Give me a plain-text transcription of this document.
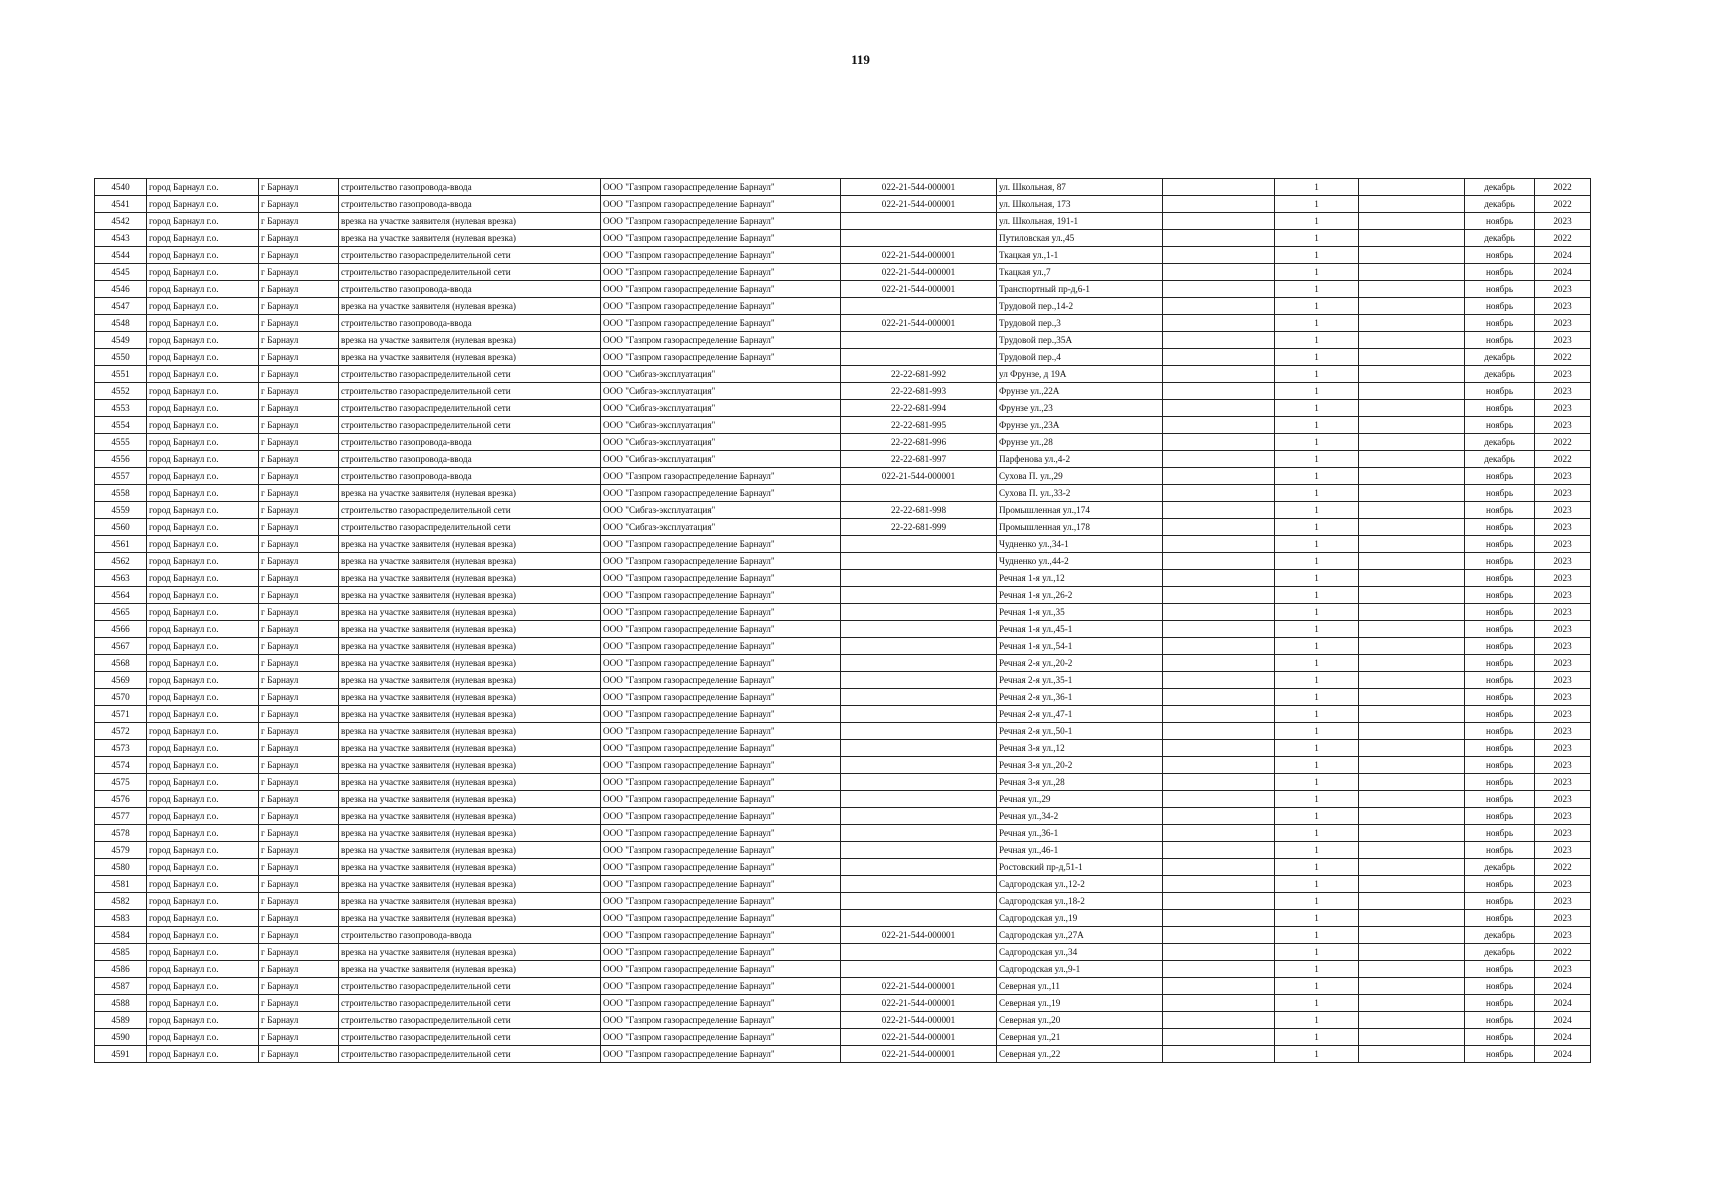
119
4540	город Барнаул г.о.	г Барнаул	строительство газопровода-ввода	ООО "Газпром газораспределение Барнаул"	022-21-544-000001	ул. Школьная, 87		1		декабрь	2022
4541	город Барнаул г.о.	г Барнаул	строительство газопровода-ввода	ООО "Газпром газораспределение Барнаул"	022-21-544-000001	ул. Школьная, 173		1		декабрь	2022
4542	город Барнаул г.о.	г Барнаул	врезка на участке заявителя (нулевая врезка)	ООО "Газпром газораспределение Барнаул"		ул. Школьная, 191-1		1		ноябрь	2023
4543	город Барнаул г.о.	г Барнаул	врезка на участке заявителя (нулевая врезка)	ООО "Газпром газораспределение Барнаул"		Путиловская ул.,45		1		декабрь	2022
4544	город Барнаул г.о.	г Барнаул	строительство газораспределительной сети	ООО "Газпром газораспределение Барнаул"	022-21-544-000001	Ткацкая ул.,1-1		1		ноябрь	2024
4545	город Барнаул г.о.	г Барнаул	строительство газораспределительной сети	ООО "Газпром газораспределение Барнаул"	022-21-544-000001	Ткацкая ул.,7		1		ноябрь	2024
4546	город Барнаул г.о.	г Барнаул	строительство газопровода-ввода	ООО "Газпром газораспределение Барнаул"	022-21-544-000001	Транспортный пр-д,6-1		1		ноябрь	2023
4547	город Барнаул г.о.	г Барнаул	врезка на участке заявителя (нулевая врезка)	ООО "Газпром газораспределение Барнаул"		Трудовой пер.,14-2		1		ноябрь	2023
4548	город Барнаул г.о.	г Барнаул	строительство газопровода-ввода	ООО "Газпром газораспределение Барнаул"	022-21-544-000001	Трудовой пер.,3		1		ноябрь	2023
4549	город Барнаул г.о.	г Барнаул	врезка на участке заявителя (нулевая врезка)	ООО "Газпром газораспределение Барнаул"		Трудовой пер.,35А		1		ноябрь	2023
4550	город Барнаул г.о.	г Барнаул	врезка на участке заявителя (нулевая врезка)	ООО "Газпром газораспределение Барнаул"		Трудовой пер.,4		1		декабрь	2022
4551	город Барнаул г.о.	г Барнаул	строительство газораспределительной сети	ООО "Сибгаз-эксплуатация"	22-22-681-992	ул Фрунзе, д 19А		1		декабрь	2023
4552	город Барнаул г.о.	г Барнаул	строительство газораспределительной сети	ООО "Сибгаз-эксплуатация"	22-22-681-993	Фрунзе ул.,22А		1		ноябрь	2023
4553	город Барнаул г.о.	г Барнаул	строительство газораспределительной сети	ООО "Сибгаз-эксплуатация"	22-22-681-994	Фрунзе ул.,23		1		ноябрь	2023
4554	город Барнаул г.о.	г Барнаул	строительство газораспределительной сети	ООО "Сибгаз-эксплуатация"	22-22-681-995	Фрунзе ул.,23А		1		ноябрь	2023
4555	город Барнаул г.о.	г Барнаул	строительство газопровода-ввода	ООО "Сибгаз-эксплуатация"	22-22-681-996	Фрунзе ул.,28		1		декабрь	2022
4556	город Барнаул г.о.	г Барнаул	строительство газопровода-ввода	ООО "Сибгаз-эксплуатация"	22-22-681-997	Парфенова ул.,4-2		1		декабрь	2022
4557	город Барнаул г.о.	г Барнаул	строительство газопровода-ввода	ООО "Газпром газораспределение Барнаул"	022-21-544-000001	Сухова П. ул.,29		1		ноябрь	2023
4558	город Барнаул г.о.	г Барнаул	врезка на участке заявителя (нулевая врезка)	ООО "Газпром газораспределение Барнаул"		Сухова П. ул.,33-2		1		ноябрь	2023
4559	город Барнаул г.о.	г Барнаул	строительство газораспределительной сети	ООО "Сибгаз-эксплуатация"	22-22-681-998	Промышленная ул.,174		1		ноябрь	2023
4560	город Барнаул г.о.	г Барнаул	строительство газораспределительной сети	ООО "Сибгаз-эксплуатация"	22-22-681-999	Промышленная ул.,178		1		ноябрь	2023
4561	город Барнаул г.о.	г Барнаул	врезка на участке заявителя (нулевая врезка)	ООО "Газпром газораспределение Барнаул"		Чудненко ул.,34-1		1		ноябрь	2023
4562	город Барнаул г.о.	г Барнаул	врезка на участке заявителя (нулевая врезка)	ООО "Газпром газораспределение Барнаул"		Чудненко ул.,44-2		1		ноябрь	2023
4563	город Барнаул г.о.	г Барнаул	врезка на участке заявителя (нулевая врезка)	ООО "Газпром газораспределение Барнаул"		Речная 1-я ул.,12		1		ноябрь	2023
4564	город Барнаул г.о.	г Барнаул	врезка на участке заявителя (нулевая врезка)	ООО "Газпром газораспределение Барнаул"		Речная 1-я ул.,26-2		1		ноябрь	2023
4565	город Барнаул г.о.	г Барнаул	врезка на участке заявителя (нулевая врезка)	ООО "Газпром газораспределение Барнаул"		Речная 1-я ул.,35		1		ноябрь	2023
4566	город Барнаул г.о.	г Барнаул	врезка на участке заявителя (нулевая врезка)	ООО "Газпром газораспределение Барнаул"		Речная 1-я ул.,45-1		1		ноябрь	2023
4567	город Барнаул г.о.	г Барнаул	врезка на участке заявителя (нулевая врезка)	ООО "Газпром газораспределение Барнаул"		Речная 1-я ул.,54-1		1		ноябрь	2023
4568	город Барнаул г.о.	г Барнаул	врезка на участке заявителя (нулевая врезка)	ООО "Газпром газораспределение Барнаул"		Речная 2-я ул.,20-2		1		ноябрь	2023
4569	город Барнаул г.о.	г Барнаул	врезка на участке заявителя (нулевая врезка)	ООО "Газпром газораспределение Барнаул"		Речная 2-я ул.,35-1		1		ноябрь	2023
4570	город Барнаул г.о.	г Барнаул	врезка на участке заявителя (нулевая врезка)	ООО "Газпром газораспределение Барнаул"		Речная 2-я ул.,36-1		1		ноябрь	2023
4571	город Барнаул г.о.	г Барнаул	врезка на участке заявителя (нулевая врезка)	ООО "Газпром газораспределение Барнаул"		Речная 2-я ул.,47-1		1		ноябрь	2023
4572	город Барнаул г.о.	г Барнаул	врезка на участке заявителя (нулевая врезка)	ООО "Газпром газораспределение Барнаул"		Речная 2-я ул.,50-1		1		ноябрь	2023
4573	город Барнаул г.о.	г Барнаул	врезка на участке заявителя (нулевая врезка)	ООО "Газпром газораспределение Барнаул"		Речная 3-я ул.,12		1		ноябрь	2023
4574	город Барнаул г.о.	г Барнаул	врезка на участке заявителя (нулевая врезка)	ООО "Газпром газораспределение Барнаул"		Речная 3-я ул.,20-2		1		ноябрь	2023
4575	город Барнаул г.о.	г Барнаул	врезка на участке заявителя (нулевая врезка)	ООО "Газпром газораспределение Барнаул"		Речная 3-я ул.,28		1		ноябрь	2023
4576	город Барнаул г.о.	г Барнаул	врезка на участке заявителя (нулевая врезка)	ООО "Газпром газораспределение Барнаул"		Речная ул.,29		1		ноябрь	2023
4577	город Барнаул г.о.	г Барнаул	врезка на участке заявителя (нулевая врезка)	ООО "Газпром газораспределение Барнаул"		Речная ул.,34-2		1		ноябрь	2023
4578	город Барнаул г.о.	г Барнаул	врезка на участке заявителя (нулевая врезка)	ООО "Газпром газораспределение Барнаул"		Речная ул.,36-1		1		ноябрь	2023
4579	город Барнаул г.о.	г Барнаул	врезка на участке заявителя (нулевая врезка)	ООО "Газпром газораспределение Барнаул"		Речная ул.,46-1		1		ноябрь	2023
4580	город Барнаул г.о.	г Барнаул	врезка на участке заявителя (нулевая врезка)	ООО "Газпром газораспределение Барнаул"		Ростовский пр-д,51-1		1		декабрь	2022
4581	город Барнаул г.о.	г Барнаул	врезка на участке заявителя (нулевая врезка)	ООО "Газпром газораспределение Барнаул"		Садгородская ул.,12-2		1		ноябрь	2023
4582	город Барнаул г.о.	г Барнаул	врезка на участке заявителя (нулевая врезка)	ООО "Газпром газораспределение Барнаул"		Садгородская ул.,18-2		1		ноябрь	2023
4583	город Барнаул г.о.	г Барнаул	врезка на участке заявителя (нулевая врезка)	ООО "Газпром газораспределение Барнаул"		Садгородская ул.,19		1		ноябрь	2023
4584	город Барнаул г.о.	г Барнаул	строительство газопровода-ввода	ООО "Газпром газораспределение Барнаул"	022-21-544-000001	Садгородская ул.,27А		1		декабрь	2023
4585	город Барнаул г.о.	г Барнаул	врезка на участке заявителя (нулевая врезка)	ООО "Газпром газораспределение Барнаул"		Садгородская ул.,34		1		декабрь	2022
4586	город Барнаул г.о.	г Барнаул	врезка на участке заявителя (нулевая врезка)	ООО "Газпром газораспределение Барнаул"		Садгородская ул.,9-1		1		ноябрь	2023
4587	город Барнаул г.о.	г Барнаул	строительство газораспределительной сети	ООО "Газпром газораспределение Барнаул"	022-21-544-000001	Северная ул.,11		1		ноябрь	2024
4588	город Барнаул г.о.	г Барнаул	строительство газораспределительной сети	ООО "Газпром газораспределение Барнаул"	022-21-544-000001	Северная ул.,19		1		ноябрь	2024
4589	город Барнаул г.о.	г Барнаул	строительство газораспределительной сети	ООО "Газпром газораспределение Барнаул"	022-21-544-000001	Северная ул.,20		1		ноябрь	2024
4590	город Барнаул г.о.	г Барнаул	строительство газораспределительной сети	ООО "Газпром газораспределение Барнаул"	022-21-544-000001	Северная ул.,21		1		ноябрь	2024
4591	город Барнаул г.о.	г Барнаул	строительство газораспределительной сети	ООО "Газпром газораспределение Барнаул"	022-21-544-000001	Северная ул.,22		1		ноябрь	2024
